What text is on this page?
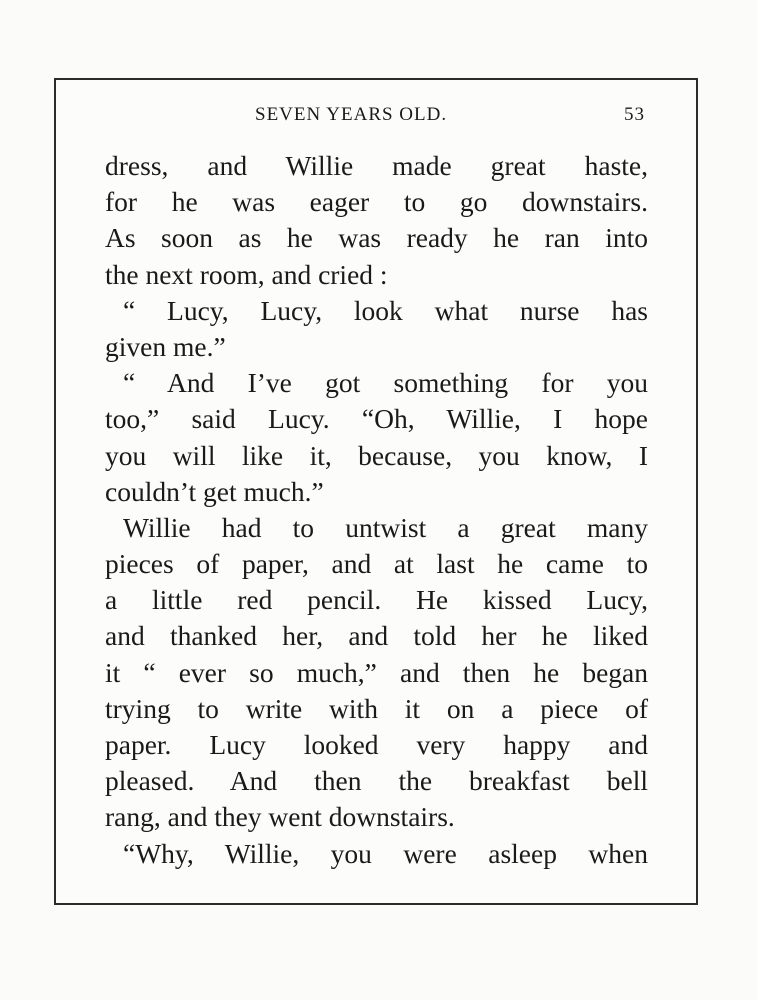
SEVEN YEARS OLD.	53
dress, and Willie made great haste,
for he was eager to go downstairs.
As soon as he was ready he ran into
the next room, and cried :
“ Lucy, Lucy, look what nurse has
given me.”
“ And I’ve got something for you
too,” said Lucy. “Oh, Willie, I hope
you will like it, because, you know, I
couldn’t get much.”
Willie had to untwist a great many
pieces of paper, and at last he came to
a little red pencil. He kissed Lucy,
and thanked her, and told her he liked
it “ ever so much,” and then he began
trying to write with it on a piece of
paper. Lucy looked very happy and
pleased. And then the breakfast bell
rang, and they went downstairs.
“Why, Willie, you were asleep when
